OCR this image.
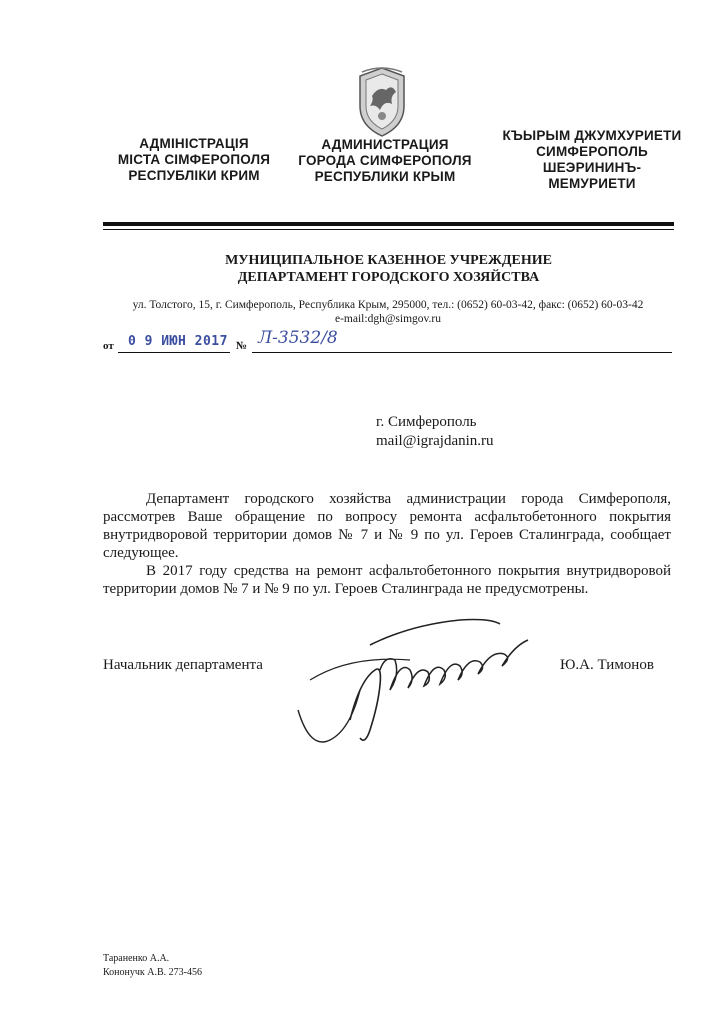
АДМІНІСТРАЦІЯ
МІСТА СІМФЕРОПОЛЯ
РЕСПУБЛІКИ КРИМ
АДМИНИСТРАЦИЯ
ГОРОДА СИМФЕРОПОЛЯ
РЕСПУБЛИКИ КРЫМ
КЪЫРЫМ ДЖУМХУРИЕТИ
СИМФЕРОПОЛЬ
ШЕЭРИНИНЪ-
МЕМУРИЕТИ
МУНИЦИПАЛЬНОЕ КАЗЕННОЕ УЧРЕЖДЕНИЕ
ДЕПАРТАМЕНТ ГОРОДСКОГО ХОЗЯЙСТВА
ул. Толстого, 15, г. Симферополь, Республика Крым, 295000, тел.: (0652) 60-03-42, факс: (0652) 60-03-42
e-mail:dgh@simgov.ru
от 0 9 ИЮН 2017 № Л-3532/8
г. Симферополь
mail@igrajdanin.ru

Департамент городского хозяйства администрации города Симферополя, рассмотрев Ваше обращение по вопросу ремонта асфальтобетонного покрытия внутридворовой территории домов № 7 и № 9 по ул. Героев Сталинграда, сообщает следующее.

В 2017 году средства на ремонт асфальтобетонного покрытия внутридворовой территории домов № 7 и № 9 по ул. Героев Сталинграда не предусмотрены.

Начальник департамента	Ю.А. Тимонов
Тараненко А.А.
Кононучк А.В. 273-456
